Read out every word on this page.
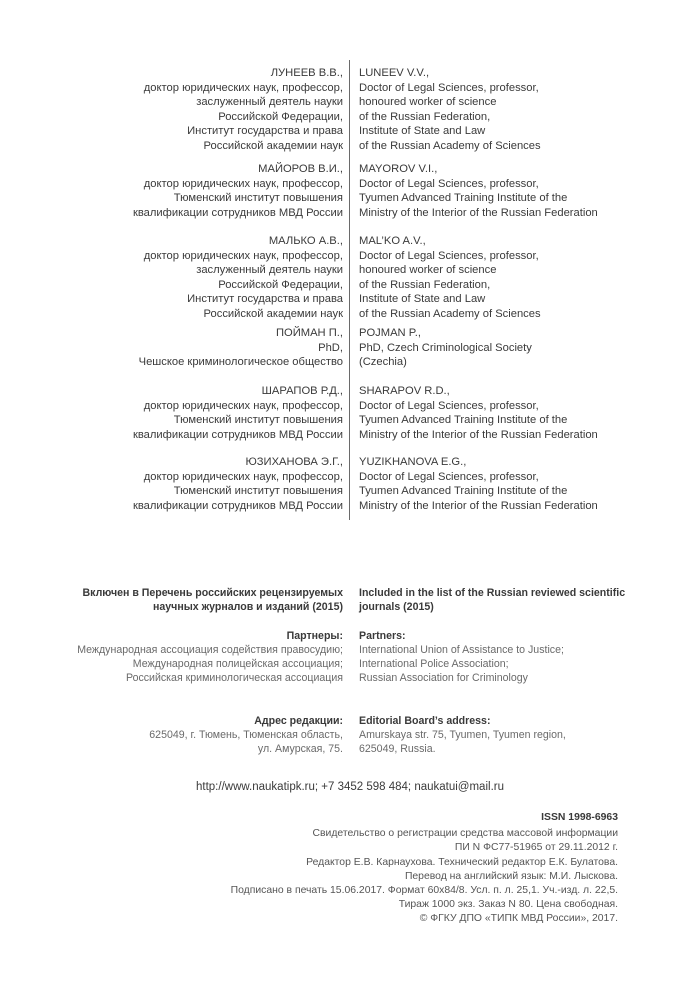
ЛУНЕЕВ В.В.,
доктор юридических наук, профессор,
заслуженный деятель науки
Российской Федерации,
Институт государства и права
Российской академии наук
LUNEEV V.V.,
Doctor of Legal Sciences, professor,
honoured worker of science
of the Russian Federation,
Institute of State and Law
of the Russian Academy of Sciences
МАЙОРОВ В.И.,
доктор юридических наук, профессор,
Тюменский институт повышения
квалификации сотрудников МВД России
MAYOROV V.I.,
Doctor of Legal Sciences, professor,
Tyumen Advanced Training Institute of the
Ministry of the Interior of the Russian Federation
МАЛЬКО А.В.,
доктор юридических наук, профессор,
заслуженный деятель науки
Российской Федерации,
Институт государства и права
Российской академии наук
MAL’KO A.V.,
Doctor of Legal Sciences, professor,
honoured worker of science
of the Russian Federation,
Institute of State and Law
of the Russian Academy of Sciences
ПОЙМАН П.,
PhD,
Чешское криминологическое общество
POJMAN P.,
PhD, Czech Criminological Society
(Czechia)
ШАРАПОВ Р.Д.,
доктор юридических наук, профессор,
Тюменский институт повышения
квалификации сотрудников МВД России
SHARAPOV R.D.,
Doctor of Legal Sciences, professor,
Tyumen Advanced Training Institute of the
Ministry of the Interior of the Russian Federation
ЮЗИХАНОВА Э.Г.,
доктор юридических наук, профессор,
Тюменский институт повышения
квалификации сотрудников МВД России
YUZIKHANOVA E.G.,
Doctor of Legal Sciences, professor,
Tyumen Advanced Training Institute of the
Ministry of the Interior of the Russian Federation
Включен в Перечень российских рецензируемых
научных журналов и изданий (2015)
Included in the list of the Russian reviewed scientific
journals (2015)
Партнеры:
Международная ассоциация содействия правосудию;
Международная полицейская ассоциация;
Российская криминологическая ассоциация
Partners:
International Union of Assistance to Justice;
International Police Association;
Russian Association for Criminology
Адрес редакции:
625049, г. Тюмень, Тюменская область,
ул. Амурская, 75.
Editorial Board’s address:
Amurskaya str. 75, Tyumen, Tyumen region,
625049, Russia.
http://www.naukatipk.ru; +7 3452 598 484; naukatui@mail.ru
ISSN 1998-6963
Свидетельство о регистрации средства массовой информации
ПИ N ФС77-51965 от 29.11.2012 г.
Редактор Е.В. Карнаухова. Технический редактор Е.К. Булатова.
Перевод на английский язык: М.И. Лыскова.
Подписано в печать 15.06.2017. Формат 60х84/8. Усл. п. л. 25,1. Уч.-изд. л. 22,5.
Тираж 1000 экз. Заказ N 80. Цена свободная.
© ФГКУ ДПО «ТИПК МВД России», 2017.
